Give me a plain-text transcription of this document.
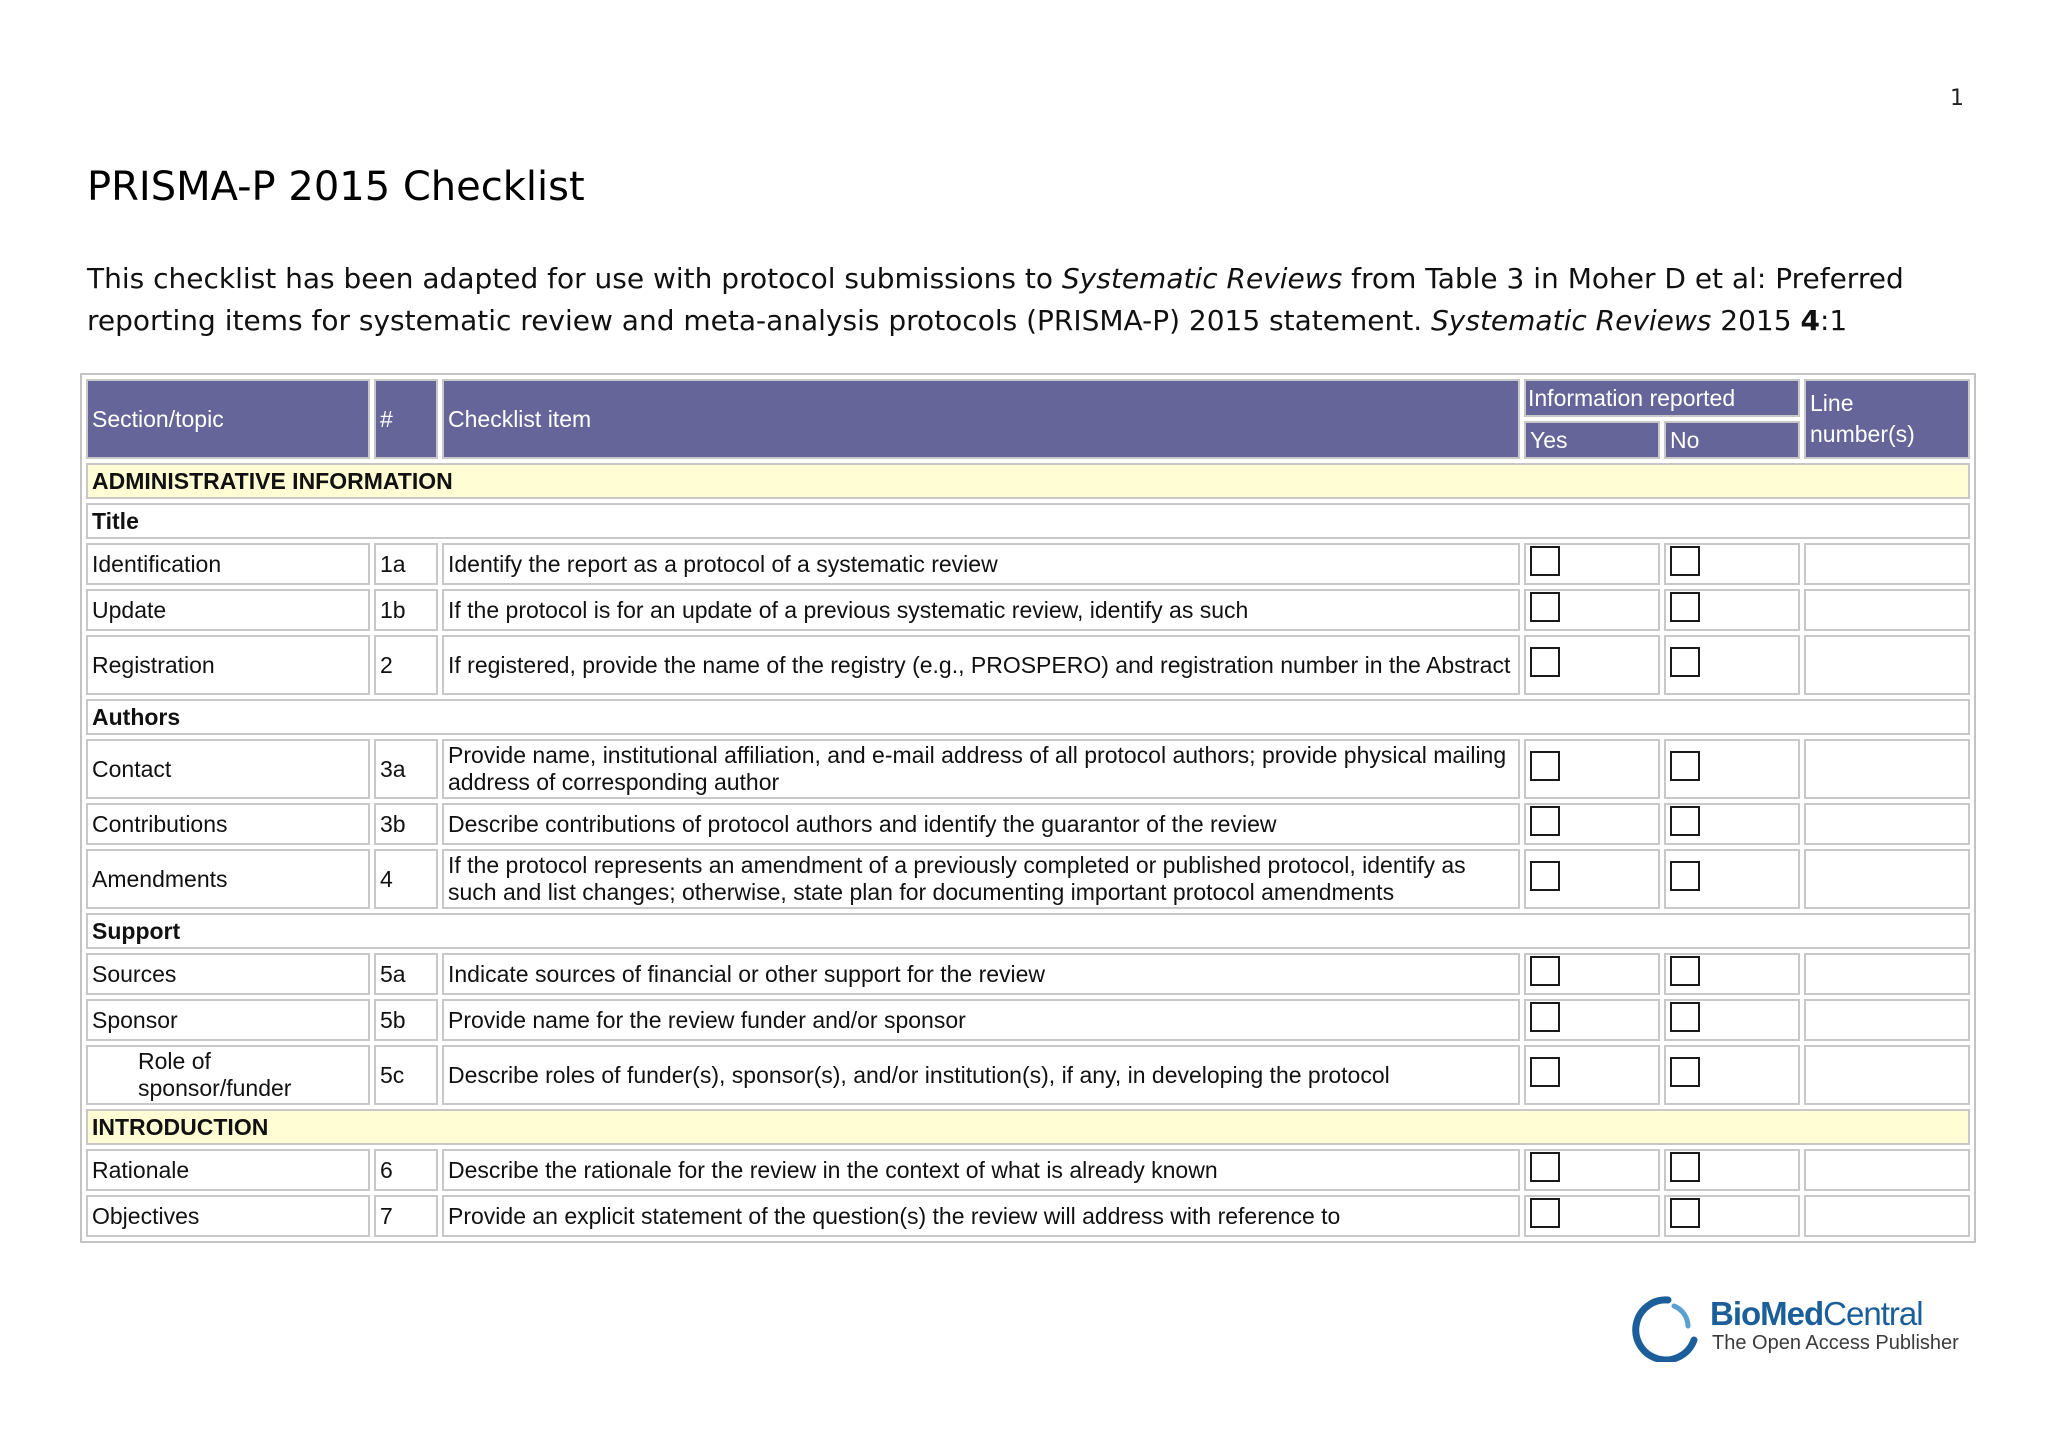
1
PRISMA-P 2015 Checklist
This checklist has been adapted for use with protocol submissions to Systematic Reviews from Table 3 in Moher D et al: Preferred reporting items for systematic review and meta-analysis protocols (PRISMA-P) 2015 statement. Systematic Reviews 2015 4:1
Section/topic	#	Checklist item	Information reported		Line number(s)
			Yes	No	
ADMINISTRATIVE INFORMATION					
Title					
Identification	1a	Identify the report as a protocol of a systematic review			
Update	1b	If the protocol is for an update of a previous systematic review, identify as such			
Registration	2	If registered, provide the name of the registry (e.g., PROSPERO) and registration number in the Abstract			
Authors					
Contact	3a	Provide name, institutional affiliation, and e-mail address of all protocol authors; provide physical mailing address of corresponding author			
Contributions	3b	Describe contributions of protocol authors and identify the guarantor of the review			
Amendments	4	If the protocol represents an amendment of a previously completed or published protocol, identify as such and list changes; otherwise, state plan for documenting important protocol amendments			
Support					
Sources	5a	Indicate sources of financial or other support for the review			
Sponsor	5b	Provide name for the review funder and/or sponsor			
Role of sponsor/funder	5c	Describe roles of funder(s), sponsor(s), and/or institution(s), if any, in developing the protocol			
INTRODUCTION					
Rationale	6	Describe the rationale for the review in the context of what is already known			
Objectives	7	Provide an explicit statement of the question(s) the review will address with reference to			
BioMedCentral
The Open Access Publisher
